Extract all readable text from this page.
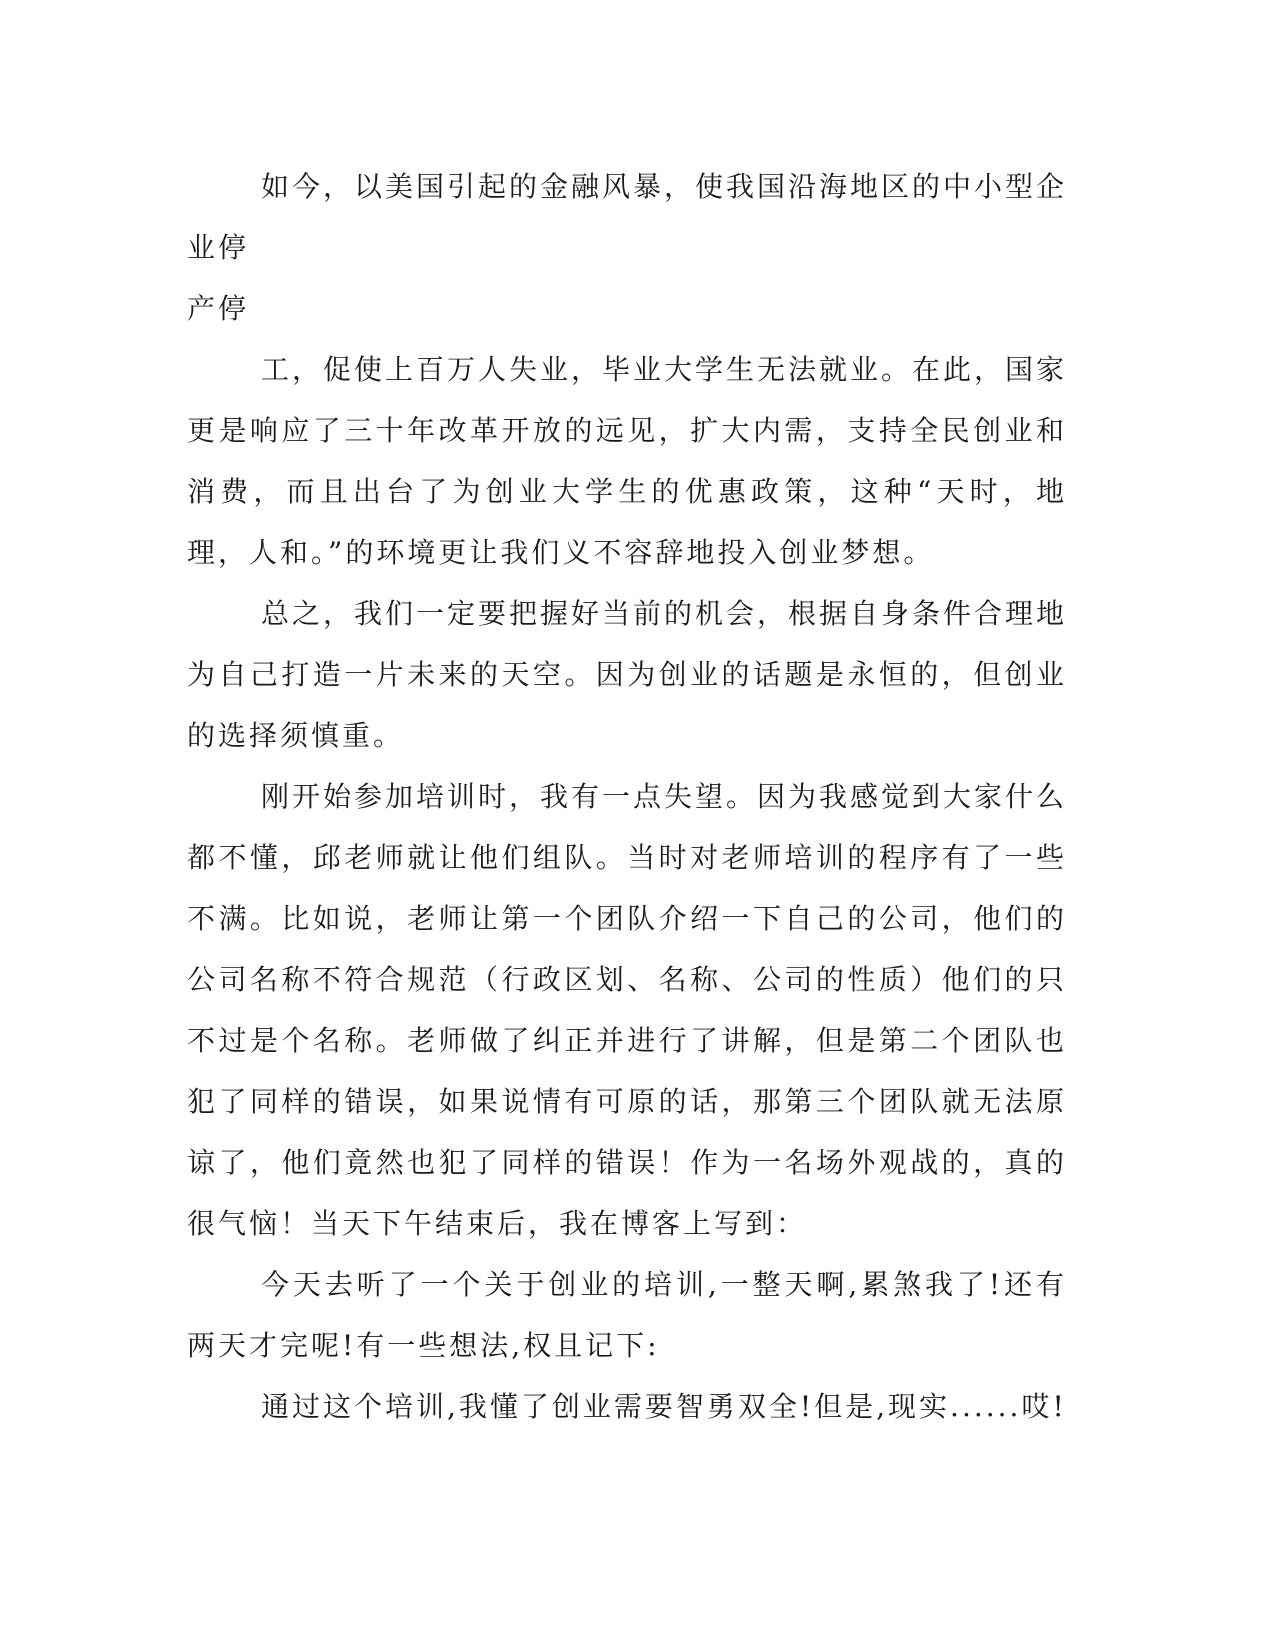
如今，以美国引起的金融风暴，使我国沿海地区的中小型企业停

产停

工，促使上百万人失业，毕业大学生无法就业。在此，国家更是响应了三十年改革开放的远见，扩大内需，支持全民创业和消费，而且出台了为创业大学生的优惠政策，这种“天时，地理，人和。”的环境更让我们义不容辞地投入创业梦想。

总之，我们一定要把握好当前的机会，根据自身条件合理地为自己打造一片未来的天空。因为创业的话题是永恒的，但创业的选择须慎重。

刚开始参加培训时，我有一点失望。因为我感觉到大家什么都不懂，邱老师就让他们组队。当时对老师培训的程序有了一些不满。比如说，老师让第一个团队介绍一下自己的公司，他们的公司名称不符合规范（行政区划、名称、公司的性质）他们的只不过是个名称。老师做了纠正并进行了讲解，但是第二个团队也犯了同样的错误，如果说情有可原的话，那第三个团队就无法原谅了，他们竟然也犯了同样的错误！作为一名场外观战的，真的很气恼！当天下午结束后，我在博客上写到：

今天去听了一个关于创业的培训,一整天啊,累煞我了!还有两天才完呢!有一些想法,权且记下:

通过这个培训,我懂了创业需要智勇双全!但是,现实......哎!
